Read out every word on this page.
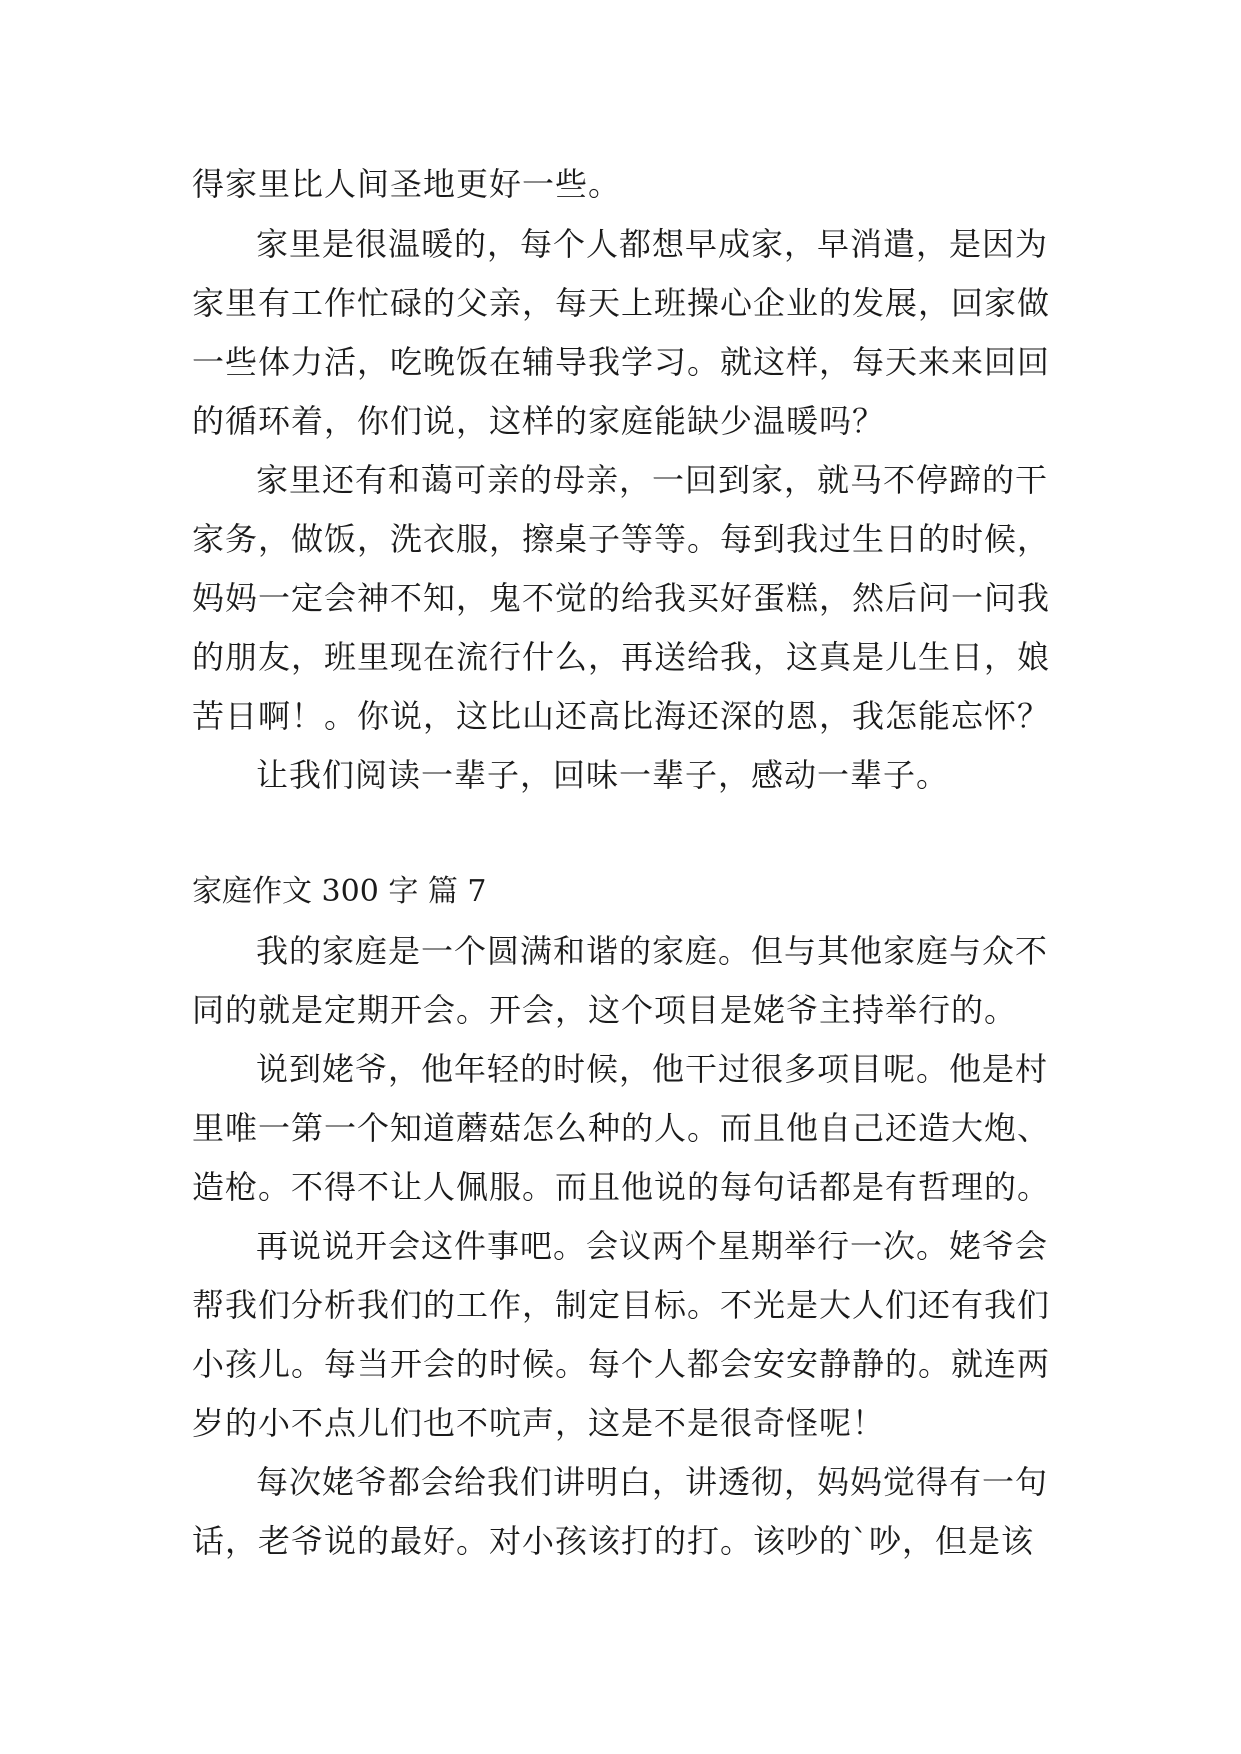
得家里比人间圣地更好一些。
家里是很温暖的，每个人都想早成家，早消遣，是因为
家里有工作忙碌的父亲，每天上班操心企业的发展，回家做
一些体力活，吃晚饭在辅导我学习。就这样，每天来来回回
的循环着，你们说，这样的家庭能缺少温暖吗？
家里还有和蔼可亲的母亲，一回到家，就马不停蹄的干
家务，做饭，洗衣服，擦桌子等等。每到我过生日的时候，
妈妈一定会神不知，鬼不觉的给我买好蛋糕，然后问一问我
的朋友，班里现在流行什么，再送给我，这真是儿生日，娘
苦日啊！。你说，这比山还高比海还深的恩，我怎能忘怀？
让我们阅读一辈子，回味一辈子，感动一辈子。
家庭作文 300 字 篇 7
我的家庭是一个圆满和谐的家庭。但与其他家庭与众不
同的就是定期开会。开会，这个项目是姥爷主持举行的。
说到姥爷，他年轻的时候，他干过很多项目呢。他是村
里唯一第一个知道蘑菇怎么种的人。而且他自己还造大炮、
造枪。不得不让人佩服。而且他说的每句话都是有哲理的。
再说说开会这件事吧。会议两个星期举行一次。姥爷会
帮我们分析我们的工作，制定目标。不光是大人们还有我们
小孩儿。每当开会的时候。每个人都会安安静静的。就连两
岁的小不点儿们也不吭声，这是不是很奇怪呢！
每次姥爷都会给我们讲明白，讲透彻，妈妈觉得有一句
话，老爷说的最好。对小孩该打的打。该吵的`吵，但是该
